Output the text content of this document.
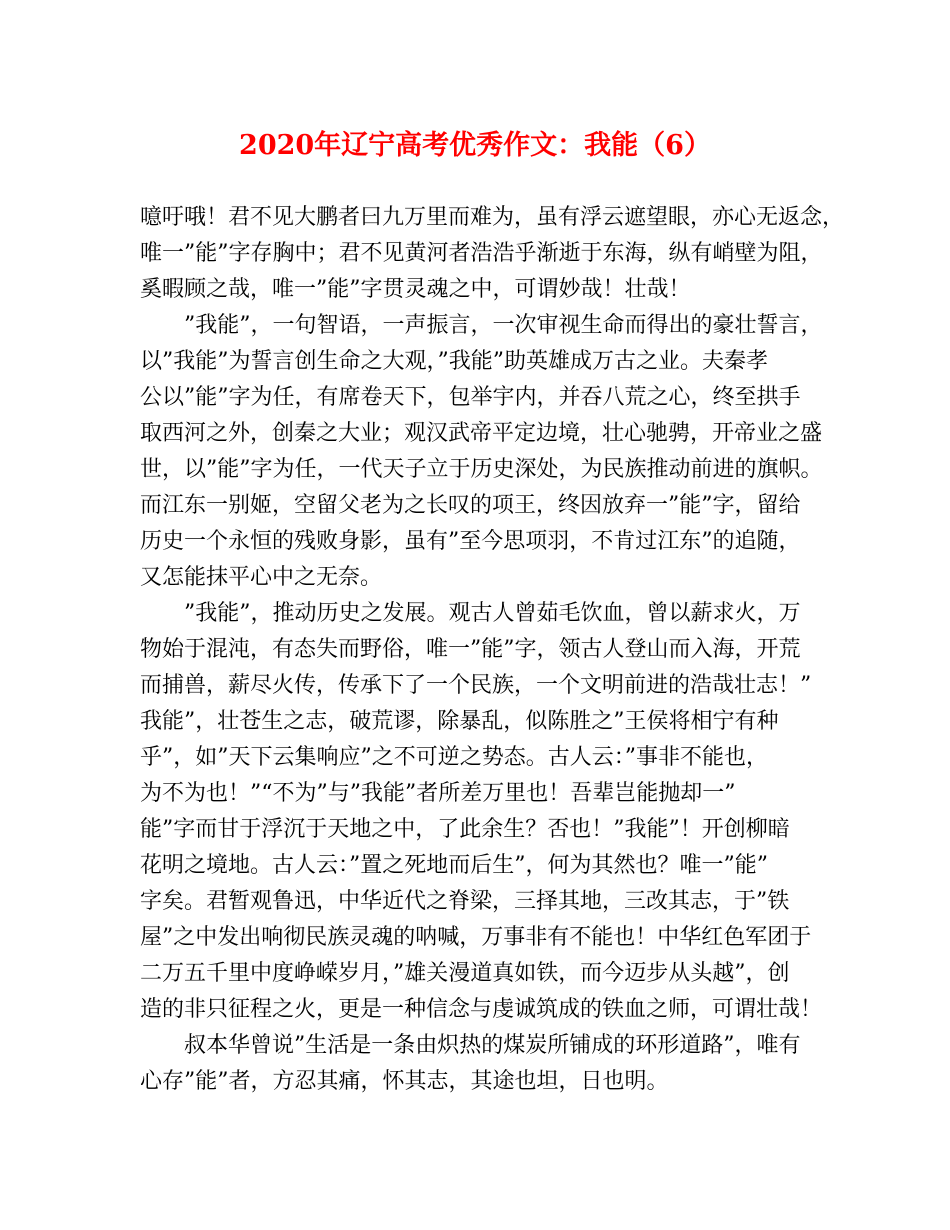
2020年辽宁高考优秀作文：我能（6）
噫吁哦！君不见大鹏者曰九万里而难为，虽有浮云遮望眼，亦心无返念，
唯一”能”字存胸中；君不见黄河者浩浩乎渐逝于东海，纵有峭壁为阻，
奚暇顾之哉，唯一”能”字贯灵魂之中，可谓妙哉！壮哉！
”我能”，一句智语，一声振言，一次审视生命而得出的豪壮誓言，
以”我能”为誓言创生命之大观，”我能”助英雄成万古之业。夫秦孝
公以”能”字为任，有席卷天下，包举宇内，并吞八荒之心，终至拱手
取西河之外，创秦之大业；观汉武帝平定边境，壮心驰骋，开帝业之盛
世，以”能”字为任，一代天子立于历史深处，为民族推动前进的旗帜。
而江东一别姬，空留父老为之长叹的项王，终因放弃一”能”字，留给
历史一个永恒的残败身影，虽有”至今思项羽，不肯过江东”的追随，
又怎能抹平心中之无奈。
”我能”，推动历史之发展。观古人曾茹毛饮血，曾以薪求火，万
物始于混沌，有态失而野俗，唯一”能”字，领古人登山而入海，开荒
而捕兽，薪尽火传，传承下了一个民族，一个文明前进的浩哉壮志！”
我能”，壮苍生之志，破荒谬，除暴乱，似陈胜之”王侯将相宁有种
乎”，如”天下云集响应”之不可逆之势态。古人云：”事非不能也，
为不为也！”“不为”与”我能”者所差万里也！吾辈岂能抛却一”
能”字而甘于浮沉于天地之中，了此余生？否也！”我能”！开创柳暗
花明之境地。古人云：”置之死地而后生”，何为其然也？唯一”能”
字矣。君暂观鲁迅，中华近代之脊梁，三择其地，三改其志，于”铁
屋”之中发出响彻民族灵魂的呐喊，万事非有不能也！中华红色军团于
二万五千里中度峥嵘岁月，”雄关漫道真如铁，而今迈步从头越”，创
造的非只征程之火，更是一种信念与虔诚筑成的铁血之师，可谓壮哉！
叔本华曾说”生活是一条由炽热的煤炭所铺成的环形道路”，唯有
心存”能”者，方忍其痛，怀其志，其途也坦，日也明。
